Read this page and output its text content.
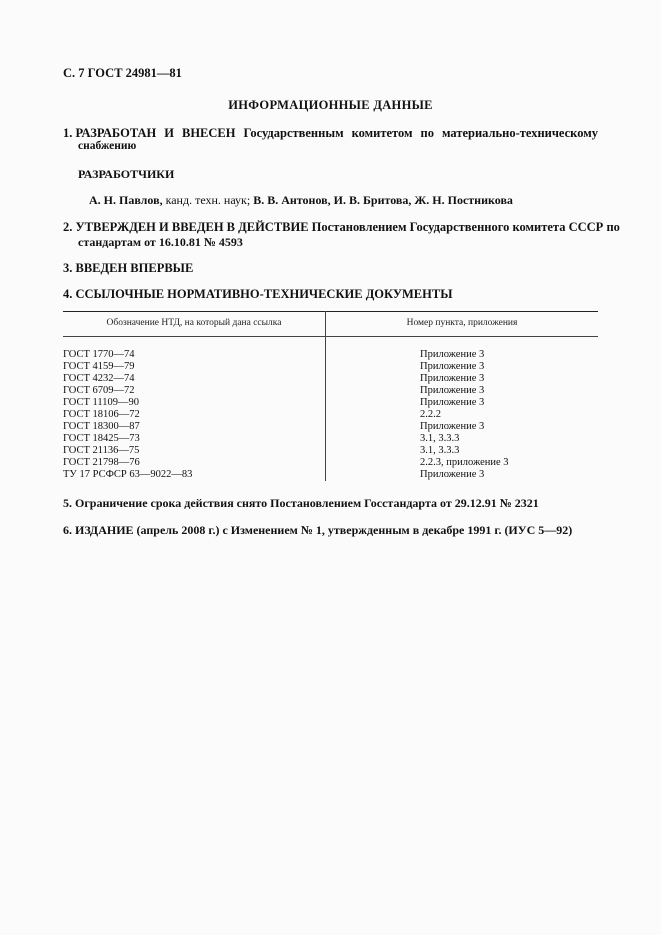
С. 7 ГОСТ 24981—81
ИНФОРМАЦИОННЫЕ ДАННЫЕ
1. РАЗРАБОТАН И ВНЕСЕН Государственным комитетом по материально-техническому
снабжению
РАЗРАБОТЧИКИ
А. Н. Павлов, канд. техн. наук; В. В. Антонов, И. В. Бритова, Ж. Н. Постникова
2. УТВЕРЖДЕН И ВВЕДЕН В ДЕЙСТВИЕ Постановлением Государственного комитета СССР по
стандартам от 16.10.81 № 4593
3. ВВЕДЕН ВПЕРВЫЕ
4. ССЫЛОЧНЫЕ НОРМАТИВНО-ТЕХНИЧЕСКИЕ ДОКУМЕНТЫ
Обозначение НТД, на который дана ссылка	Номер пункта, приложения
ГОСТ 1770—74
ГОСТ 4159—79
ГОСТ 4232—74
ГОСТ 6709—72
ГОСТ 11109—90
ГОСТ 18106—72
ГОСТ 18300—87
ГОСТ 18425—73
ГОСТ 21136—75
ГОСТ 21798—76
ТУ 17 РСФСР 63—9022—83
Приложение 3
Приложение 3
Приложение 3
Приложение 3
Приложение 3
2.2.2
Приложение 3
3.1, 3.3.3
3.1, 3.3.3
2.2.3, приложение 3
Приложение 3
5. Ограничение срока действия снято Постановлением Госстандарта от 29.12.91 № 2321
6. ИЗДАНИЕ (апрель 2008 г.) с Изменением № 1, утвержденным в декабре 1991 г. (ИУС 5—92)
